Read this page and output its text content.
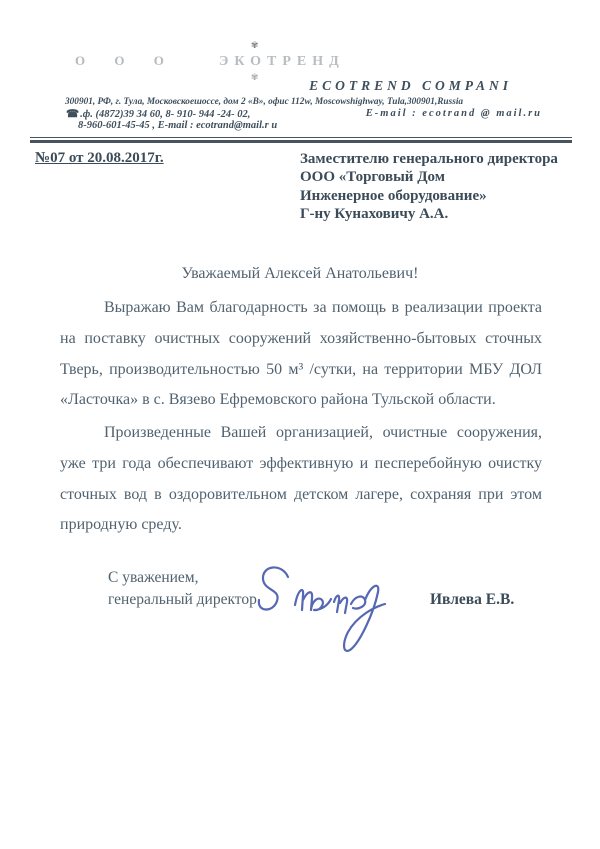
О О О
✾
ЭКОТРЕНД
✾
ECOTREND COMPANI
300901, РФ, г. Тула, Московскоешоссе, дом 2 «В», офис 112w, Moscowshighway, Tula,300901,Russia
☎.ф. (4872)39 34 60, 8- 910- 944 -24- 02,	E-mail : ecotrand @ mail.ru
8-960-601-45-45 , E-mail : ecotrand@mail.r u
№07 от 20.08.2017г.	Заместителю генерального директора
ООО «Торговый Дом
Инженерное оборудование»
Г-ну Кунаховичу А.А.
Уважаемый Алексей Анатольевич!

Выражаю Вам благодарность за помощь в реализации проекта на поставку очистных сооружений хозяйственно-бытовых сточных Тверь, производительностью 50 м³ /сутки, на территории МБУ ДОЛ «Ласточка» в с. Вязево Ефремовского района Тульской области.

Произведенные Вашей организацией, очистные сооружения, уже три года обеспечивают эффективную и песперебойную очистку сточных вод в оздоровительном детском лагере, сохраняя при этом природную среду.

С уважением,
генеральный директор	Ивлева Е.В.
